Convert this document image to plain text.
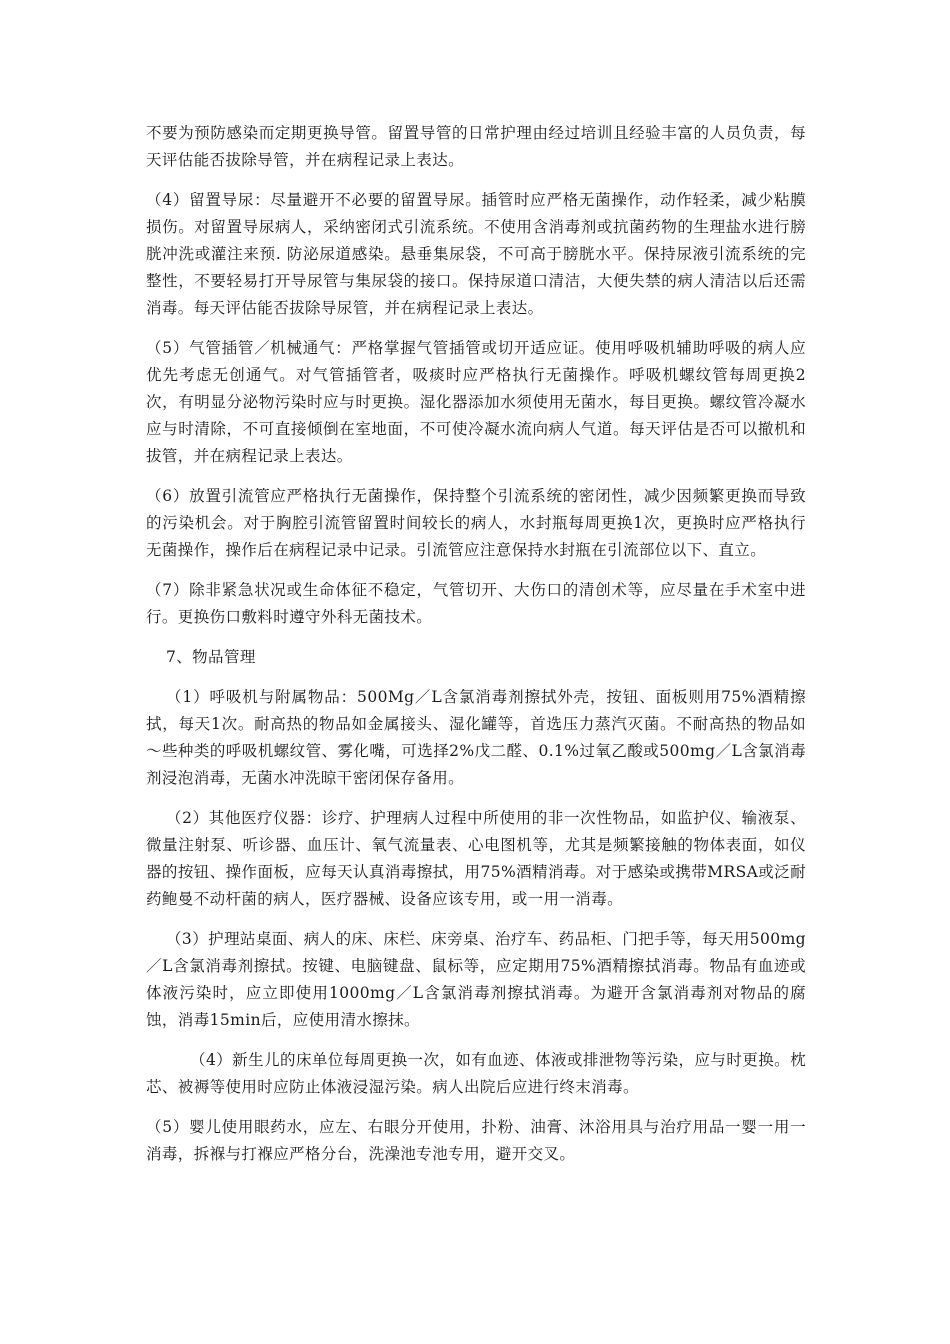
不要为预防感染而定期更换导管。留置导管的日常护理由经过培训且经验丰富的人员负责，每天评估能否拔除导管，并在病程记录上表达。

（4）留置导尿：尽量避开不必要的留置导尿。插管时应严格无菌操作，动作轻柔，减少粘膜损伤。对留置导尿病人，采纳密闭式引流系统。不使用含消毒剂或抗菌药物的生理盐水进行膀胱冲洗或灌注来预. 防泌尿道感染。悬垂集尿袋，不可高于膀胱水平。保持尿液引流系统的完整性，不要轻易打开导尿管与集尿袋的接口。保持尿道口清洁，大便失禁的病人清洁以后还需消毒。每天评估能否拔除导尿管，并在病程记录上表达。

（5）气管插管／机械通气：严格掌握气管插管或切开适应证。使用呼吸机辅助呼吸的病人应优先考虑无创通气。对气管插管者，吸痰时应严格执行无菌操作。呼吸机螺纹管每周更换2次，有明显分泌物污染时应与时更换。湿化器添加水须使用无菌水，每目更换。螺纹管冷凝水应与时清除，不可直接倾倒在室地面，不可使冷凝水流向病人气道。每天评估是否可以撤机和拔管，并在病程记录上表达。

（6）放置引流管应严格执行无菌操作，保持整个引流系统的密闭性，减少因频繁更换而导致的污染机会。对于胸腔引流管留置时间较长的病人，水封瓶每周更换1次，更换时应严格执行无菌操作，操作后在病程记录中记录。引流管应注意保持水封瓶在引流部位以下、直立。

（7）除非紧急状况或生命体征不稳定，气管切开、大伤口的清创术等，应尽量在手术室中进行。更换伤口敷料时遵守外科无菌技术。

7、物品管理

（1）呼吸机与附属物品：500Mg／L含氯消毒剂擦拭外壳，按钮、面板则用75%酒精擦拭，每天1次。耐高热的物品如金属接头、湿化罐等，首选压力蒸汽灭菌。不耐高热的物品如～些种类的呼吸机螺纹管、雾化嘴，可选择2%戊二醛、0.1%过氧乙酸或500mg／L含氯消毒剂浸泡消毒，无菌水冲洗晾干密闭保存备用。

（2）其他医疗仪器：诊疗、护理病人过程中所使用的非一次性物品，如监护仪、输液泵、微量注射泵、听诊器、血压计、氧气流量表、心电图机等，尤其是频繁接触的物体表面，如仪器的按钮、操作面板，应每天认真消毒擦拭，用75%酒精消毒。对于感染或携带MRSA或泛耐药鲍曼不动杆菌的病人，医疗器械、设备应该专用，或一用一消毒。

（3）护理站桌面、病人的床、床栏、床旁桌、治疗车、药品柜、门把手等，每天用500mg／L含氯消毒剂擦拭。按键、电脑键盘、鼠标等，应定期用75%酒精擦拭消毒。物品有血迹或体液污染时，应立即使用1000mg／L含氯消毒剂擦拭消毒。为避开含氯消毒剂对物品的腐蚀，消毒15min后，应使用清水擦抹。

（4）新生儿的床单位每周更换一次，如有血迹、体液或排泄物等污染，应与时更换。枕芯、被褥等使用时应防止体液浸湿污染。病人出院后应进行终末消毒。

（5）婴儿使用眼药水，应左、右眼分开使用，扑粉、油膏、沐浴用具与治疗用品一婴一用一消毒，拆褓与打褓应严格分台，洗澡池专池专用，避开交叉。
